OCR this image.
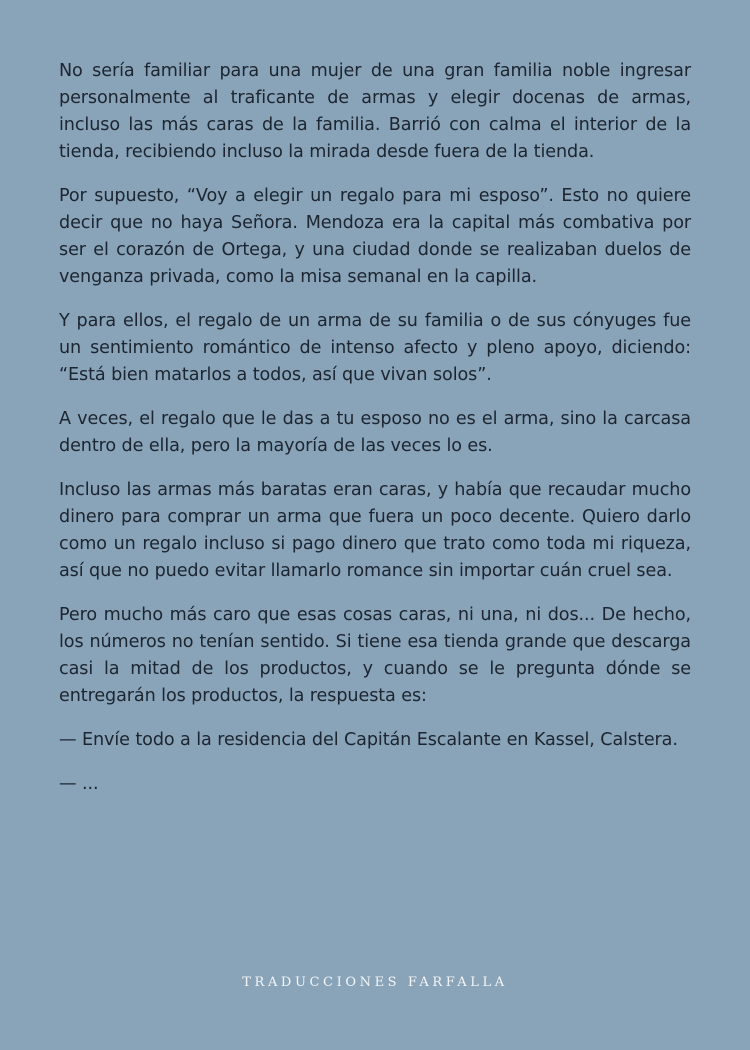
No sería familiar para una mujer de una gran familia noble ingresar personalmente al traficante de armas y elegir docenas de armas, incluso las más caras de la familia. Barrió con calma el interior de la tienda, recibiendo incluso la mirada desde fuera de la tienda.

Por supuesto, “Voy a elegir un regalo para mi esposo”. Esto no quiere decir que no haya Señora. Mendoza era la capital más combativa por ser el corazón de Ortega, y una ciudad donde se realizaban duelos de venganza privada, como la misa semanal en la capilla.

Y para ellos, el regalo de un arma de su familia o de sus cónyuges fue un sentimiento romántico de intenso afecto y pleno apoyo, diciendo: “Está bien matarlos a todos, así que vivan solos”.

A veces, el regalo que le das a tu esposo no es el arma, sino la carcasa dentro de ella, pero la mayoría de las veces lo es.

Incluso las armas más baratas eran caras, y había que recaudar mucho dinero para comprar un arma que fuera un poco decente. Quiero darlo como un regalo incluso si pago dinero que trato como toda mi riqueza, así que no puedo evitar llamarlo romance sin importar cuán cruel sea.

Pero mucho más caro que esas cosas caras, ni una, ni dos... De hecho, los números no tenían sentido. Si tiene esa tienda grande que descarga casi la mitad de los productos, y cuando se le pregunta dónde se entregarán los productos, la respuesta es:

— Envíe todo a la residencia del Capitán Escalante en Kassel, Calstera.

— ...

TRADUCCIONES FARFALLA
